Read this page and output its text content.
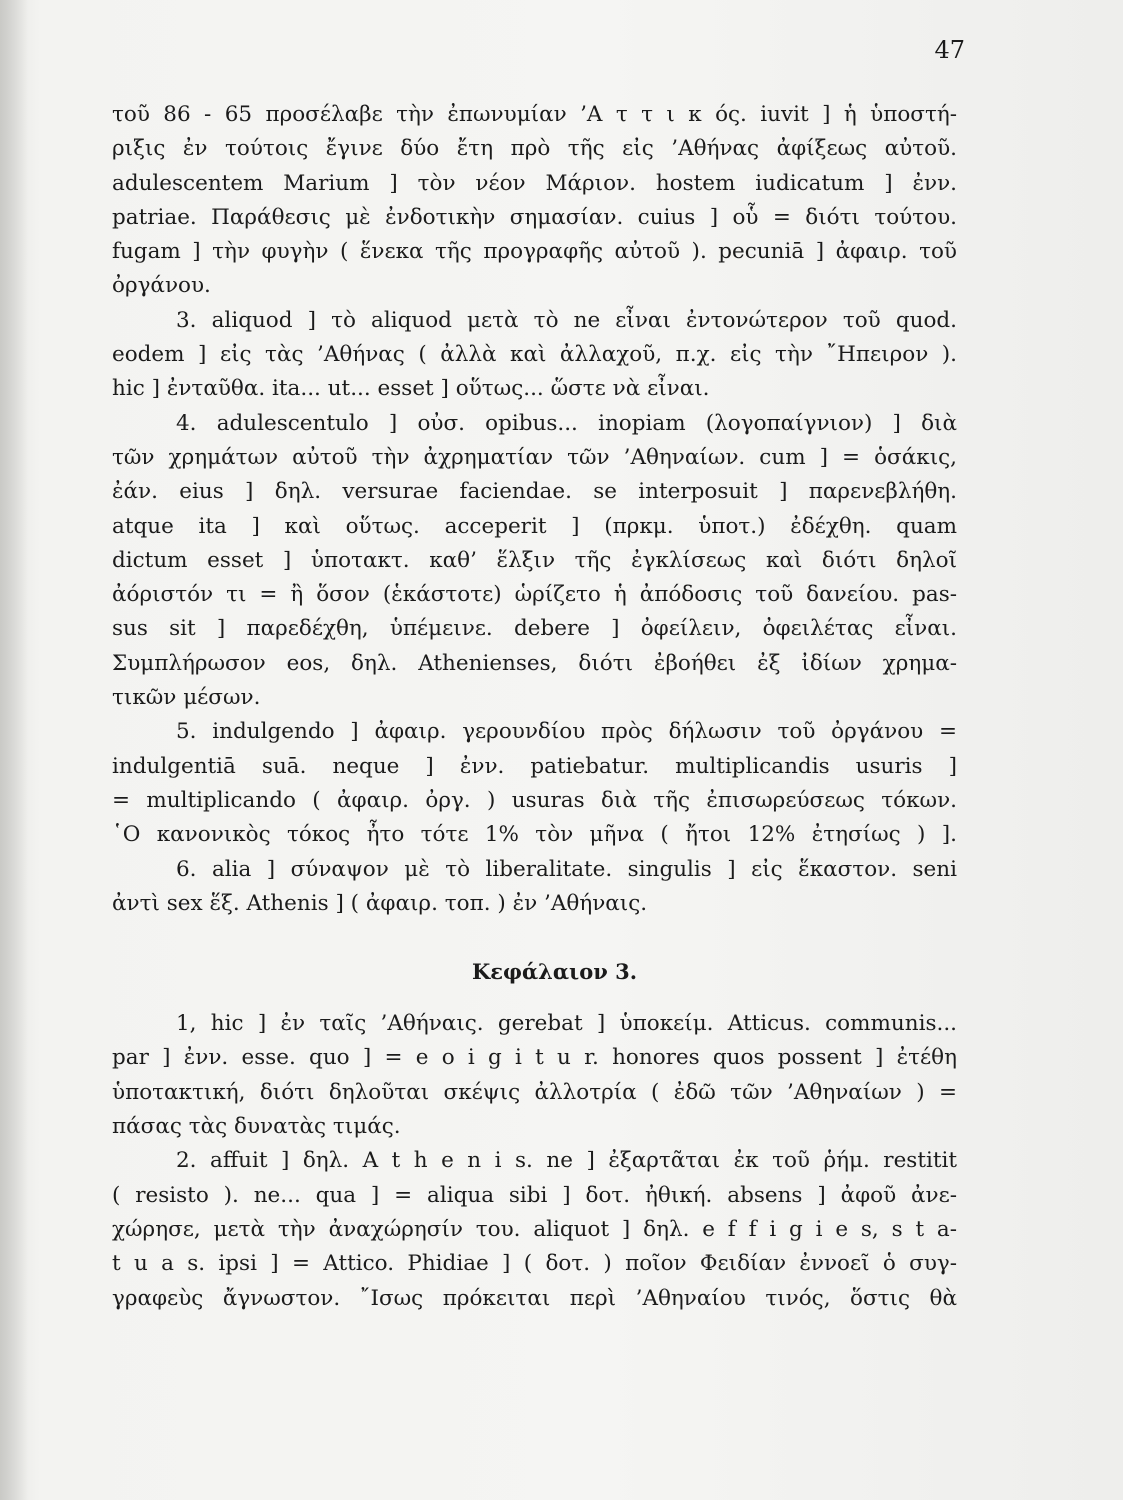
47
τοῦ 86 - 65 προσέλαβε τὴν ἐπωνυμίαν ’Α τ τ ι κ ός. iuvit ] ἡ ὑποστή-
ριξις ἐν τούτοις ἔγινε δύο ἔτη πρὸ τῆς εἰς ’Αθήνας ἀφίξεως αὐτοῦ.
adulescentem Marium ] τὸν νέον Μάριον. hostem iudicatum ] ἐνν.
patriae. Παράθεσις μὲ ἐνδοτικὴν σημασίαν. cuius ] οὗ = διότι τούτου.
fugam ] τὴν φυγὴν ( ἕνεκα τῆς προγραφῆς αὐτοῦ ). pecuniā ] ἀφαιρ. τοῦ
ὀργάνου.
3. aliquod ] τὸ aliquod μετὰ τὸ ne εἶναι ἐντονώτερον τοῦ quod.
eodem ] εἰς τὰς ’Αθήνας ( ἀλλὰ καὶ ἀλλαχοῦ, π.χ. εἰς τὴν ῎Ηπειρον ).
hic ] ἐνταῦθα. ita... ut... esset ] οὕτως... ὥστε νὰ εἶναι.
4. adulescentulo ] οὐσ. opibus... inopiam (λογοπαίγνιον) ] διὰ
τῶν χρημάτων αὐτοῦ τὴν ἀχρηματίαν τῶν ’Αθηναίων. cum ] = ὁσάκις,
ἐάν. eius ] δηλ. versurae faciendae. se interposuit ] παρενεβλήθη.
atque ita ] καὶ οὕτως. acceperit ] (πρκμ. ὑποτ.) ἐδέχθη. quam
dictum esset ] ὑποτακτ. καθ’ ἕλξιν τῆς ἐγκλίσεως καὶ διότι δηλοῖ
ἀόριστόν τι = ἢ ὅσον (ἑκάστοτε) ὡρίζετο ἡ ἀπόδοσις τοῦ δανείου. pas-
sus sit ] παρεδέχθη, ὑπέμεινε. debere ] ὀφείλειν, ὀφειλέτας εἶναι.
Συμπλήρωσον eos, δηλ. Athenienses, διότι ἐβοήθει ἐξ ἰδίων χρημα-
τικῶν μέσων.
5. indulgendo ] ἀφαιρ. γερουνδίου πρὸς δήλωσιν τοῦ ὀργάνου =
indulgentiā suā. neque ] ἐνν. patiebatur. multiplicandis usuris ]
= multiplicando ( ἀφαιρ. ὀργ. ) usuras διὰ τῆς ἐπισωρεύσεως τόκων.
῾Ο κανονικὸς τόκος ἦτο τότε 1% τὸν μῆνα ( ἤτοι 12% ἐτησίως ) ].
6. alia ] σύναψον μὲ τὸ liberalitate. singulis ] εἰς ἕκαστον. seni
ἀντὶ sex ἕξ. Athenis ] ( ἀφαιρ. τοπ. ) ἐν ’Αθήναις.
Κεφάλαιον 3.
1, hic ] ἐν ταῖς ’Αθήναις. gerebat ] ὑποκείμ. Atticus. communis...
par ] ἐνν. esse. quo ] = e o i g i t u r. honores quos possent ] ἐτέθη
ὑποτακτική, διότι δηλοῦται σκέψις ἀλλοτρία ( ἐδῶ τῶν ’Αθηναίων ) =
πάσας τὰς δυνατὰς τιμάς.
2. affuit ] δηλ. A t h e n i s. ne ] ἐξαρτᾶται ἐκ τοῦ ῥήμ. restitit
( resisto ). ne... qua ] = aliqua sibi ] δοτ. ἠθική. absens ] ἀφοῦ ἀνε-
χώρησε, μετὰ τὴν ἀναχώρησίν του. aliquot ] δηλ. e f f i g i e s, s t a-
t u a s. ipsi ] = Attico. Phidiae ] ( δοτ. ) ποῖον Φειδίαν ἐννοεῖ ὁ συγ-
γραφεὺς ἄγνωστον. ῎Ισως πρόκειται περὶ ’Αθηναίου τινός, ὅστις θὰ
